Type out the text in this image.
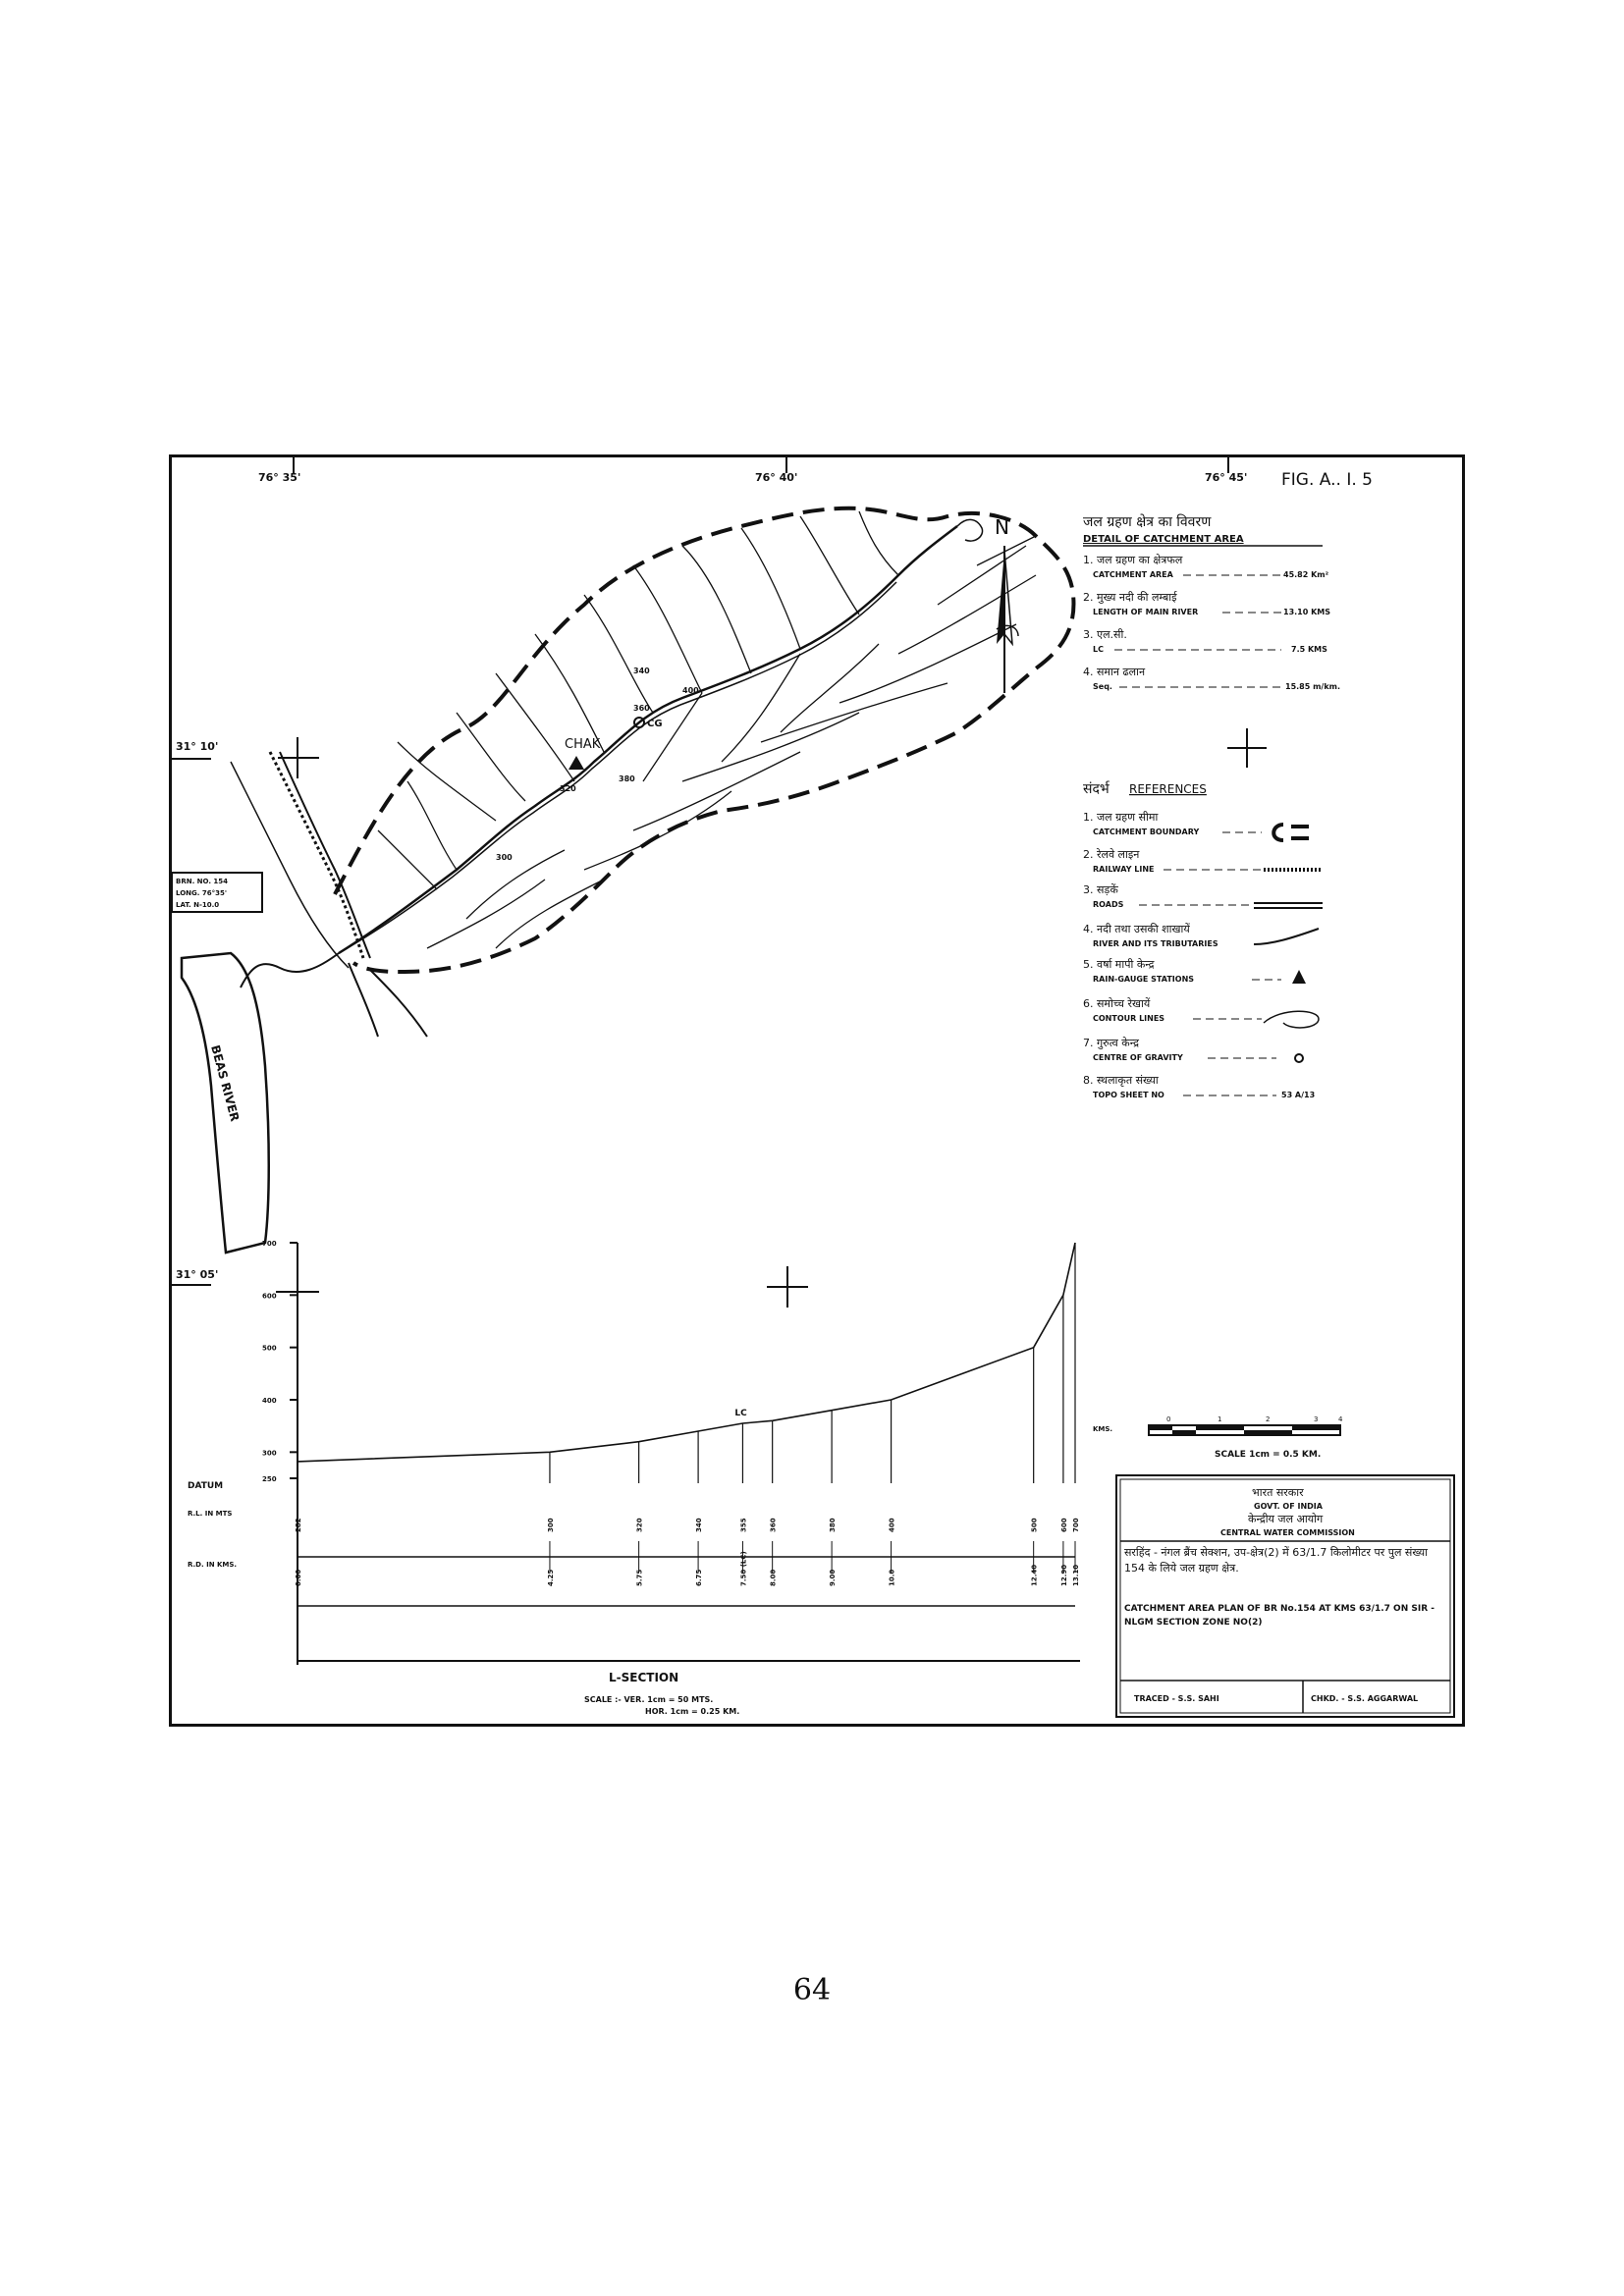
76° 35'	76° 40'	76° 45' FIG. A.. I. 5
31° 10'
31° 05'
BEAS RIVER
BRN. NO. 154
LONG. 76°35'
LAT. N-10.0
CHAK
CG
400
360
380
340
320
300
N	जल ग्रहण क्षेत्र का विवरण
DETAIL OF CATCHMENT AREA
1. जल ग्रहण का क्षेत्रफल
CATCHMENT AREA	45.82 Km²
2. मुख्य नदी की लम्बाई
LENGTH OF MAIN RIVER	13.10 KMS
3. एल.सी.
LC	7.5 KMS
4. समान ढलान
Seq.	15.85 m/km.
संदर्भ REFERENCES
1. जल ग्रहण सीमा
CATCHMENT BOUNDARY
2. रेलवे लाइन
RAILWAY LINE
3. सड़कें
ROADS
4. नदी तथा उसकी शाखायें
RIVER AND ITS TRIBUTARIES
5. वर्षा मापी केन्द्र
RAIN-GAUGE STATIONS
6. समोच्च रेखायें
CONTOUR LINES
7. गुरुत्व केन्द्र
CENTRE OF GRAVITY
8. स्थलाकृत संख्या
TOPO SHEET NO	53 A/13
700
600
500
400
300
250
LC
282	300	320	340	355	360	380	400	500	600 700
0.00	4.25	5.75	6.75	7.50 (LC)	8.00	9.00	10.0	12.40	12.90 13.10
DATUM
R.L. IN MTS
R.D. IN KMS.
L-SECTION
SCALE :- VER. 1cm = 50 MTS.
HOR. 1cm = 0.25 KM.
KMS.
0	1	2	3	4
SCALE 1cm = 0.5 KM.
भारत सरकार
GOVT. OF INDIA
केन्द्रीय जल आयोग
CENTRAL WATER COMMISSION
सरहिंद - नंगल ब्रैंच सेक्शन, उप-क्षेत्र(2) में 63/1.7 किलोमीटर पर पुल संख्या 154 के लिये जल ग्रहण क्षेत्र.
CATCHMENT AREA PLAN OF BR No.154 AT KMS 63/1.7 ON SIR - NLGM SECTION ZONE NO(2)
TRACED - S.S. SAHI	CHKD. - S.S. AGGARWAL
64
